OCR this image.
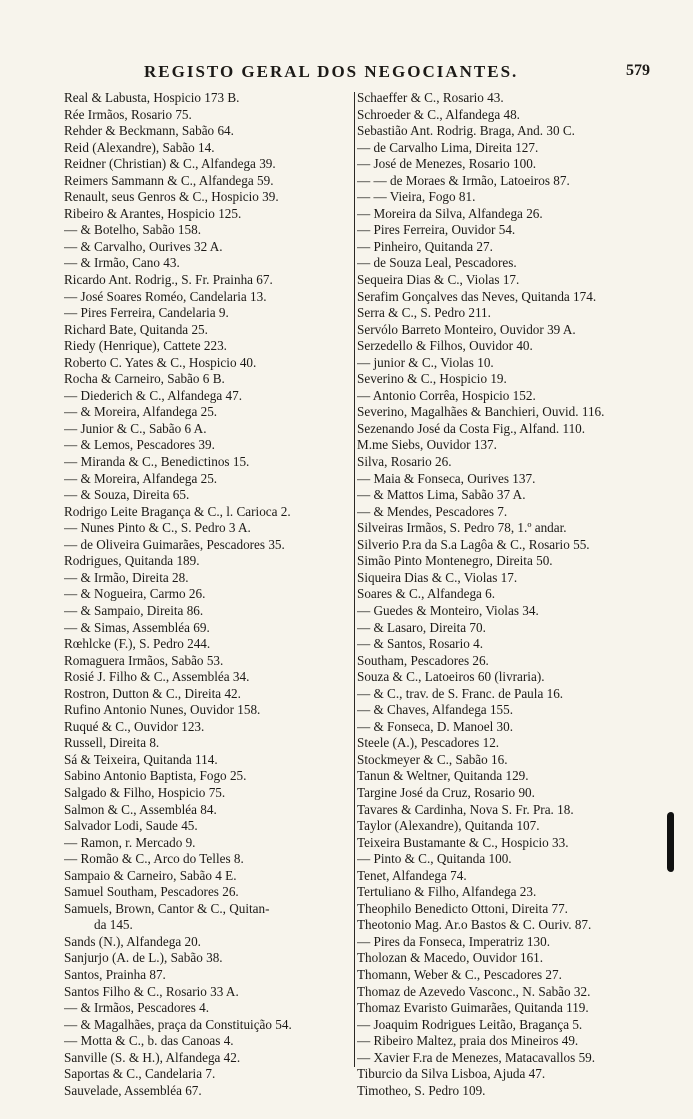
REGISTO GERAL DOS NEGOCIANTES.	579
Real & Labusta, Hospicio 173 B.
Rée Irmãos, Rosario 75.
Rehder & Beckmann, Sabão 64.
Reid (Alexandre), Sabão 14.
Reidner (Christian) & C., Alfandega 39.
Reimers Sammann & C., Alfandega 59.
Renault, seus Genros & C., Hospicio 39.
Ribeiro & Arantes, Hospicio 125.
— & Botelho, Sabão 158.
— & Carvalho, Ourives 32 A.
— & Irmão, Cano 43.
Ricardo Ant. Rodrig., S. Fr. Prainha 67.
— José Soares Roméo, Candelaria 13.
— Pires Ferreira, Candelaria 9.
Richard Bate, Quitanda 25.
Riedy (Henrique), Cattete 223.
Roberto C. Yates & C., Hospicio 40.
Rocha & Carneiro, Sabão 6 B.
— Diederich & C., Alfandega 47.
— & Moreira, Alfandega 25.
— Junior & C., Sabão 6 A.
— & Lemos, Pescadores 39.
— Miranda & C., Benedictinos 15.
— & Moreira, Alfandega 25.
— & Souza, Direita 65.
Rodrigo Leite Bragança & C., l. Carioca 2.
— Nunes Pinto & C., S. Pedro 3 A.
— de Oliveira Guimarães, Pescadores 35.
Rodrigues, Quitanda 189.
— & Irmão, Direita 28.
— & Nogueira, Carmo 26.
— & Sampaio, Direita 86.
— & Simas, Assembléa 69.
Rœhlcke (F.), S. Pedro 244.
Romaguera Irmãos, Sabão 53.
Rosié J. Filho & C., Assembléa 34.
Rostron, Dutton & C., Direita 42.
Rufino Antonio Nunes, Ouvidor 158.
Ruqué & C., Ouvidor 123.
Russell, Direita 8.
Sá & Teixeira, Quitanda 114.
Sabino Antonio Baptista, Fogo 25.
Salgado & Filho, Hospicio 75.
Salmon & C., Assembléa 84.
Salvador Lodi, Saude 45.
— Ramon, r. Mercado 9.
— Romão & C., Arco do Telles 8.
Sampaio & Carneiro, Sabão 4 E.
Samuel Southam, Pescadores 26.
Samuels, Brown, Cantor & C., Quitan-
da 145.
Sands (N.), Alfandega 20.
Sanjurjo (A. de L.), Sabão 38.
Santos, Prainha 87.
Santos Filho & C., Rosario 33 A.
— & Irmãos, Pescadores 4.
— & Magalhães, praça da Constituição 54.
— Motta & C., b. das Canoas 4.
Sanville (S. & H.), Alfandega 42.
Saportas & C., Candelaria 7.
Sauvelade, Assembléa 67.
Schaeffer & C., Rosario 43.
Schroeder & C., Alfandega 48.
Sebastião Ant. Rodrig. Braga, And. 30 C.
— de Carvalho Lima, Direita 127.
— José de Menezes, Rosario 100.
— — de Moraes & Irmão, Latoeiros 87.
— — Vieira, Fogo 81.
— Moreira da Silva, Alfandega 26.
— Pires Ferreira, Ouvidor 54.
— Pinheiro, Quitanda 27.
— de Souza Leal, Pescadores.
Sequeira Dias & C., Violas 17.
Serafim Gonçalves das Neves, Quitanda 174.
Serra & C., S. Pedro 211.
Servólo Barreto Monteiro, Ouvidor 39 A.
Serzedello & Filhos, Ouvidor 40.
— junior & C., Violas 10.
Severino & C., Hospicio 19.
— Antonio Corrêa, Hospicio 152.
Severino, Magalhães & Banchieri, Ouvid. 116.
Sezenando José da Costa Fig., Alfand. 110.
M.me Siebs, Ouvidor 137.
Silva, Rosario 26.
— Maia & Fonseca, Ourives 137.
— & Mattos Lima, Sabão 37 A.
— & Mendes, Pescadores 7.
Silveiras Irmãos, S. Pedro 78, 1.º andar.
Silverio P.ra da S.a Lagôa & C., Rosario 55.
Simão Pinto Montenegro, Direita 50.
Siqueira Dias & C., Violas 17.
Soares & C., Alfandega 6.
— Guedes & Monteiro, Violas 34.
— & Lasaro, Direita 70.
— & Santos, Rosario 4.
Southam, Pescadores 26.
Souza & C., Latoeiros 60 (livraria).
— & C., trav. de S. Franc. de Paula 16.
— & Chaves, Alfandega 155.
— & Fonseca, D. Manoel 30.
Steele (A.), Pescadores 12.
Stockmeyer & C., Sabão 16.
Tanun & Weltner, Quitanda 129.
Targine José da Cruz, Rosario 90.
Tavares & Cardinha, Nova S. Fr. Pra. 18.
Taylor (Alexandre), Quitanda 107.
Teixeira Bustamante & C., Hospicio 33.
— Pinto & C., Quitanda 100.
Tenet, Alfandega 74.
Tertuliano & Filho, Alfandega 23.
Theophilo Benedicto Ottoni, Direita 77.
Theotonio Mag. Ar.o Bastos & C. Ouriv. 87.
— Pires da Fonseca, Imperatriz 130.
Tholozan & Macedo, Ouvidor 161.
Thomann, Weber & C., Pescadores 27.
Thomaz de Azevedo Vasconc., N. Sabão 32.
Thomaz Evaristo Guimarães, Quitanda 119.
— Joaquim Rodrigues Leitão, Bragança 5.
— Ribeiro Maltez, praia dos Mineiros 49.
— Xavier F.ra de Menezes, Matacavallos 59.
Tiburcio da Silva Lisboa, Ajuda 47.
Timotheo, S. Pedro 109.
